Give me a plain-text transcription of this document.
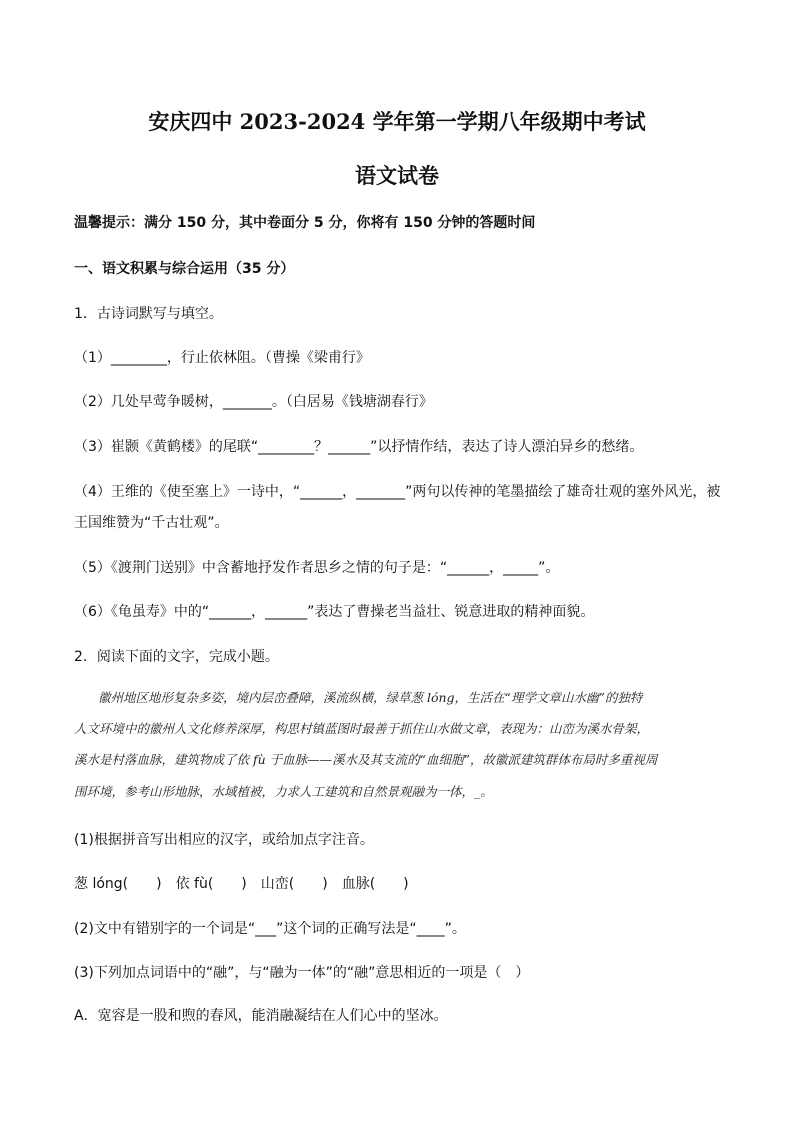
安庆四中 2023-2024 学年第一学期八年级期中考试
语文试卷
温馨提示：满分 150 分，其中卷面分 5 分，你将有 150 分钟的答题时间
一、语文积累与综合运用（35 分）
1．古诗词默写与填空。
（1）________，行止依林阻。（曹操《梁甫行》
（2）几处早莺争暖树，_______。（白居易《钱塘湖春行》
（3）崔颢《黄鹤楼》的尾联“________？______”以抒情作结，表达了诗人漂泊异乡的愁绪。
（4）王维的《使至塞上》一诗中，“______，_______”两句以传神的笔墨描绘了雄奇壮观的塞外风光，被
王国维赞为“千古壮观”。
（5）《渡荆门送别》中含蓄地抒发作者思乡之情的句子是：“______，_____”。
（6）《龟虽寿》中的“______，______”表达了曹操老当益壮、锐意进取的精神面貌。
2．阅读下面的文字，完成小题。
徽州地区地形复杂多姿，境内层峦叠障，溪流纵横，绿草葱 lóng，生活在“理学文章山水幽”的独特
人文环境中的徽州人文化修养深厚，构思村镇蓝图时最善于抓住山水做文章，表现为：山峦为溪水骨架，
溪水是村落血脉，建筑物成了依 fù 于血脉——溪水及其支流的“血细胞”，故徽派建筑群体布局时多重视周
围环境，参考山形地脉，水域植被，力求人工建筑和自然景观融为一体，_。
(1)根据拼音写出相应的汉字，或给加点字注音。
葱 lóng(　　)　依 fù(　　)　山峦(　　)　血脉(　　)
(2)文中有错别字的一个词是“___”这个词的正确写法是“____”。
(3)下列加点词语中的“融”，与“融为一体”的“融”意思相近的一项是（　）
A．宽容是一股和煦的春风，能消融凝结在人们心中的坚冰。
